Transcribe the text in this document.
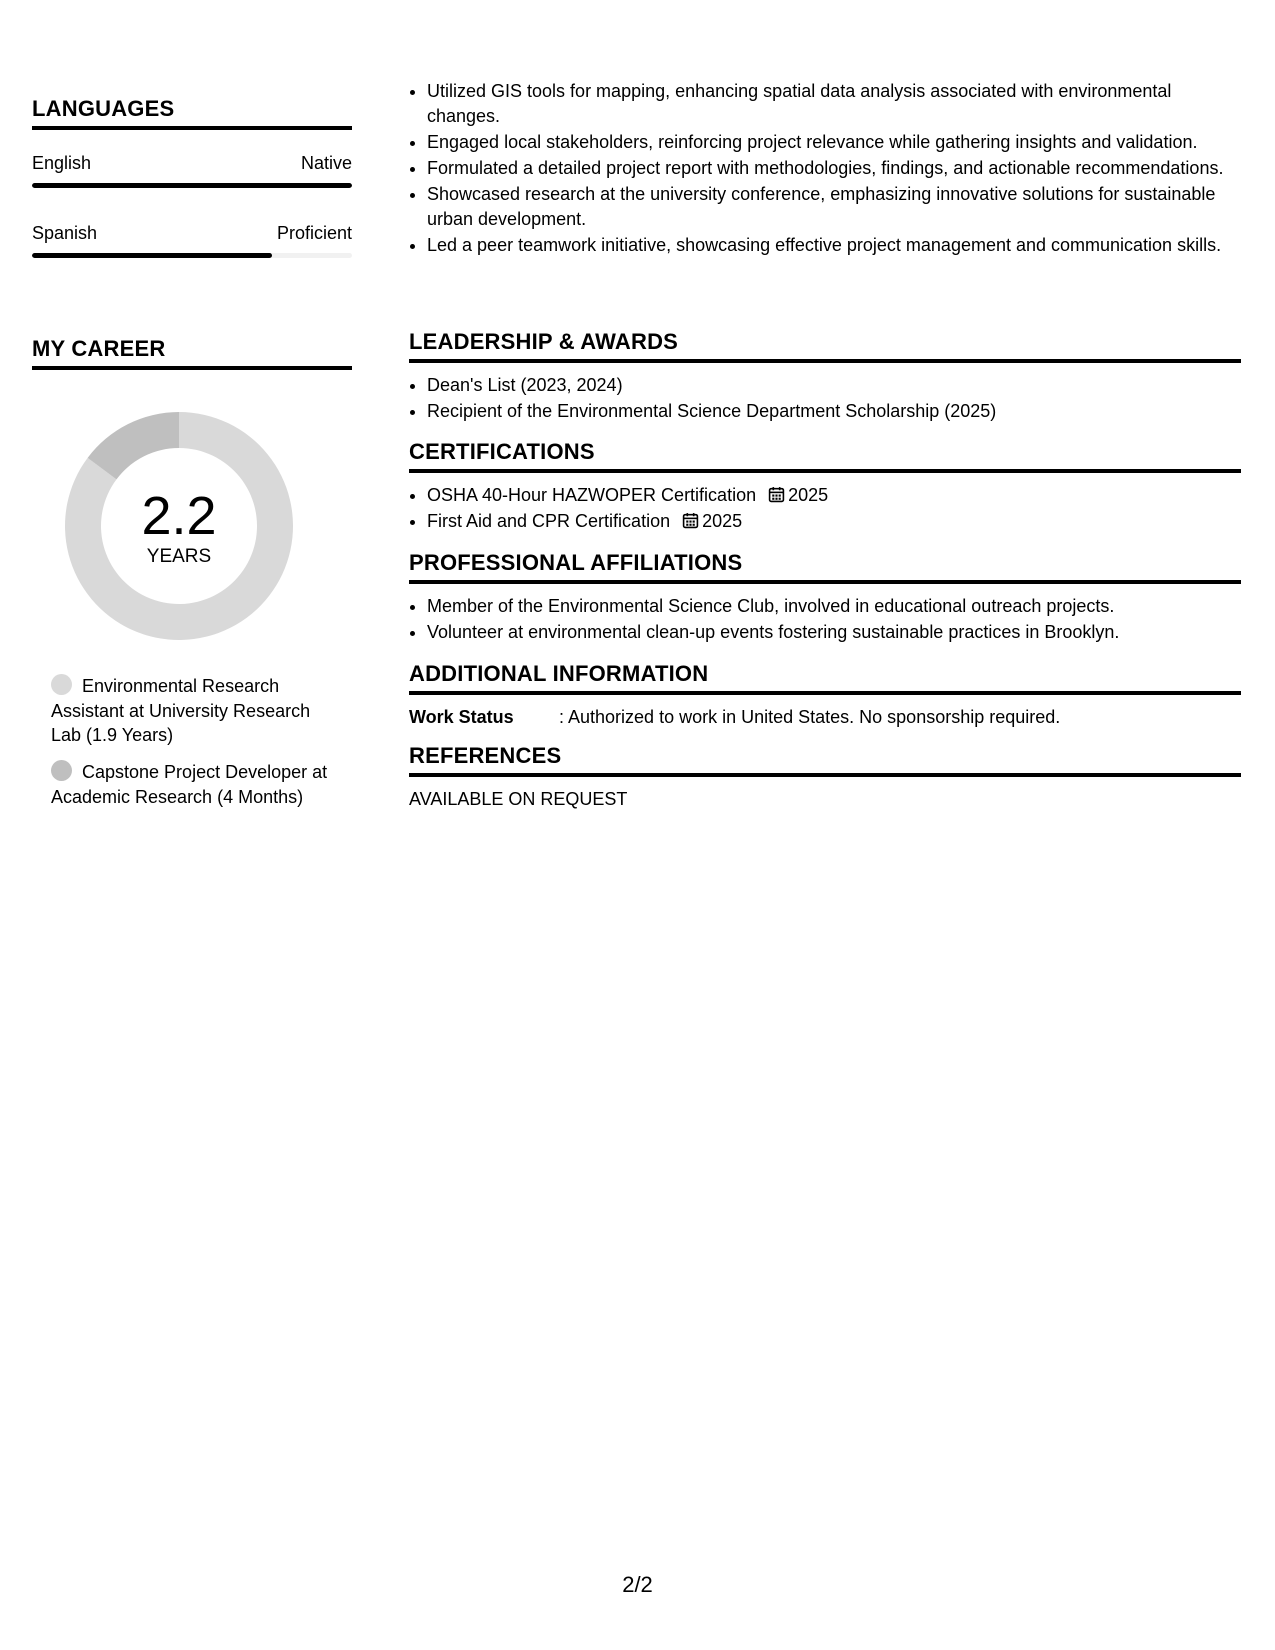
LANGUAGES
English	Native
Spanish	Proficient
MY CAREER
2.2
YEARS
Environmental Research Assistant at University Research Lab (1.9 Years)
Capstone Project Developer at Academic Research (4 Months)
• Utilized GIS tools for mapping, enhancing spatial data analysis associated with environmental changes.
• Engaged local stakeholders, reinforcing project relevance while gathering insights and validation.
• Formulated a detailed project report with methodologies, findings, and actionable recommendations.
• Showcased research at the university conference, emphasizing innovative solutions for sustainable urban development.
• Led a peer teamwork initiative, showcasing effective project management and communication skills.
LEADERSHIP & AWARDS
• Dean's List (2023, 2024)
• Recipient of the Environmental Science Department Scholarship (2025)
CERTIFICATIONS
• OSHA 40-Hour HAZWOPER Certification 2025
• First Aid and CPR Certification 2025
PROFESSIONAL AFFILIATIONS
• Member of the Environmental Science Club, involved in educational outreach projects.
• Volunteer at environmental clean-up events fostering sustainable practices in Brooklyn.
ADDITIONAL INFORMATION
Work Status	: Authorized to work in United States. No sponsorship required.
REFERENCES
AVAILABLE ON REQUEST
2/2
